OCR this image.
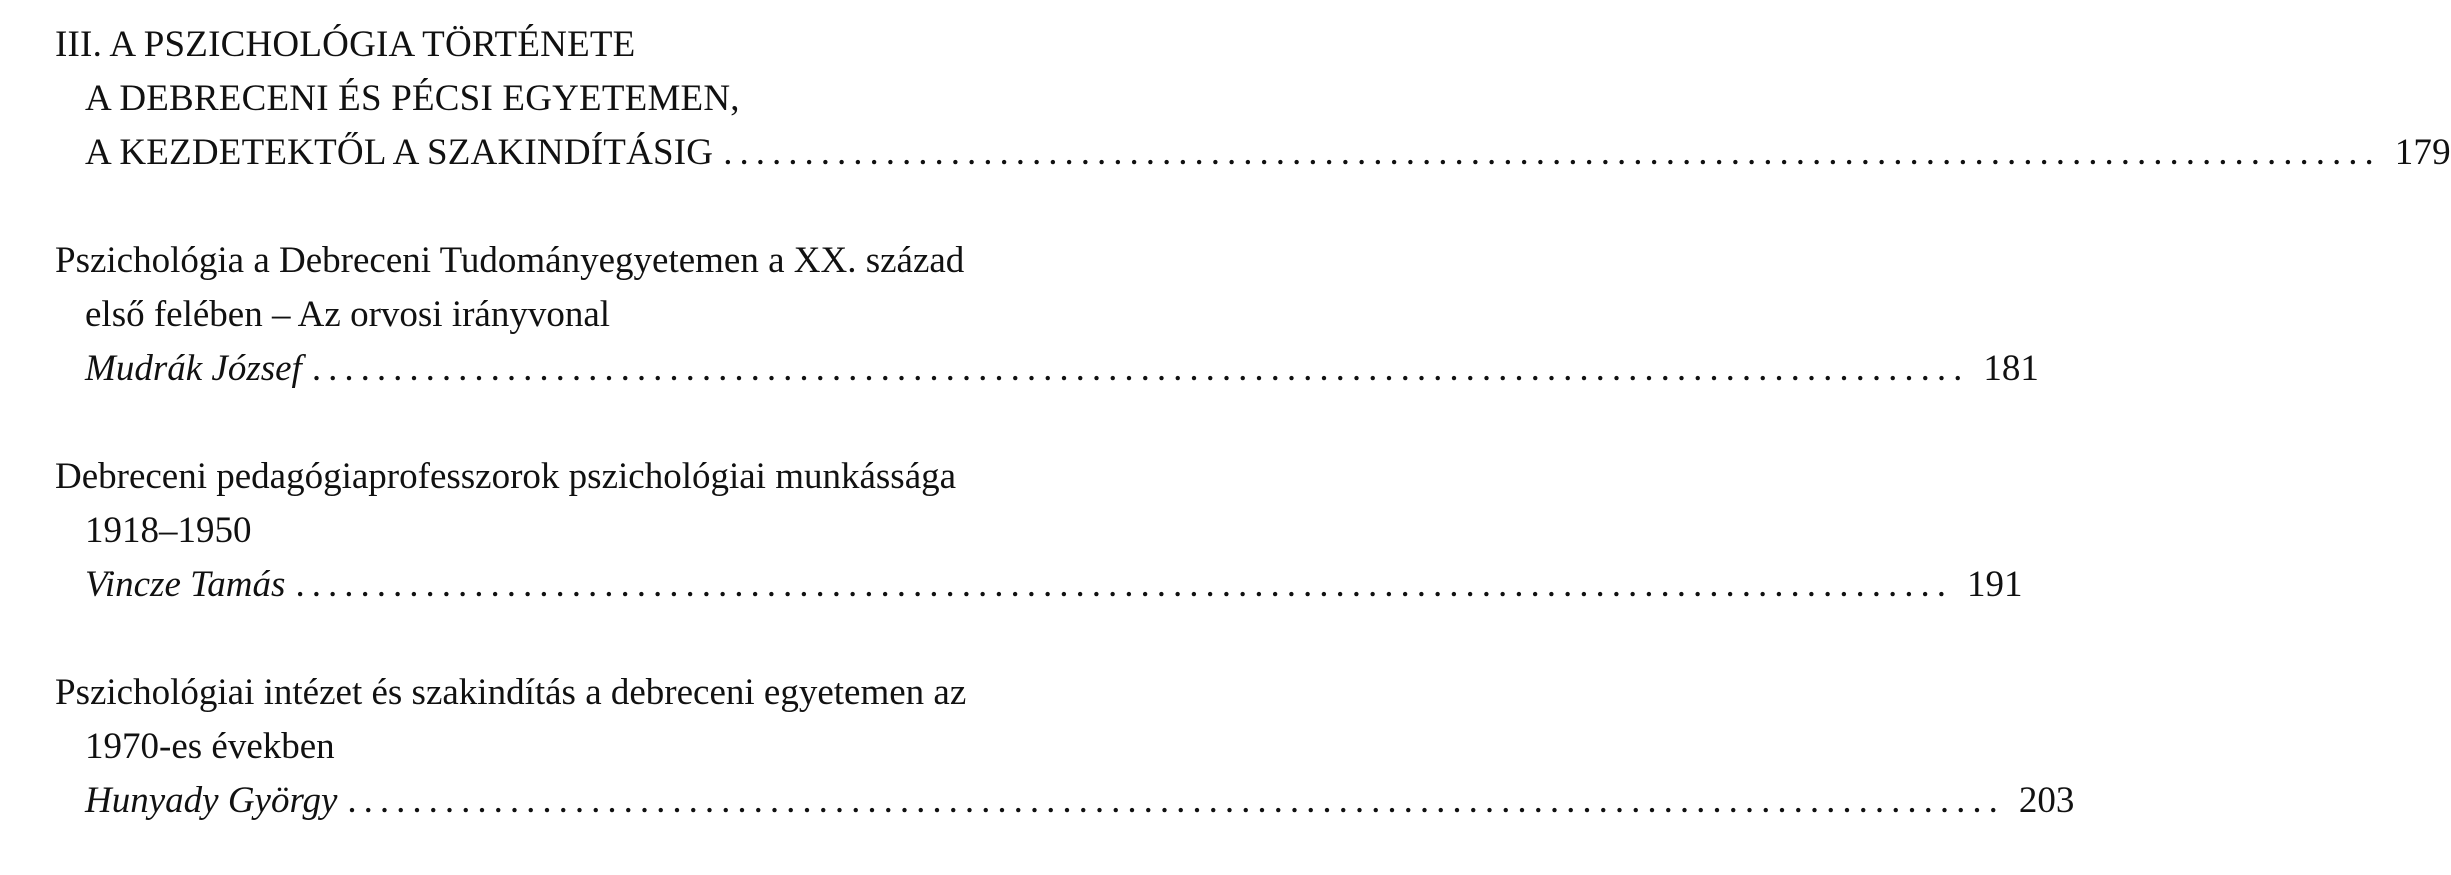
III. A PSZICHOLÓGIA TÖRTÉNETE
A DEBRECENI ÉS PÉCSI EGYETEMEN,
A KEZDETEKTŐL A SZAKINDÍTÁSIG ...................................................................................................... 179
Pszichológia a Debreceni Tudományegyetemen a XX. század
első felében – Az orvosi irányvonal
Mudrák József ...................................................................................................... 181
Debreceni pedagógiaprofesszorok pszichológiai munkássága
1918–1950
Vincze Tamás ...................................................................................................... 191
Pszichológiai intézet és szakindítás a debreceni egyetemen az
1970-es években
Hunyady György ...................................................................................................... 203
